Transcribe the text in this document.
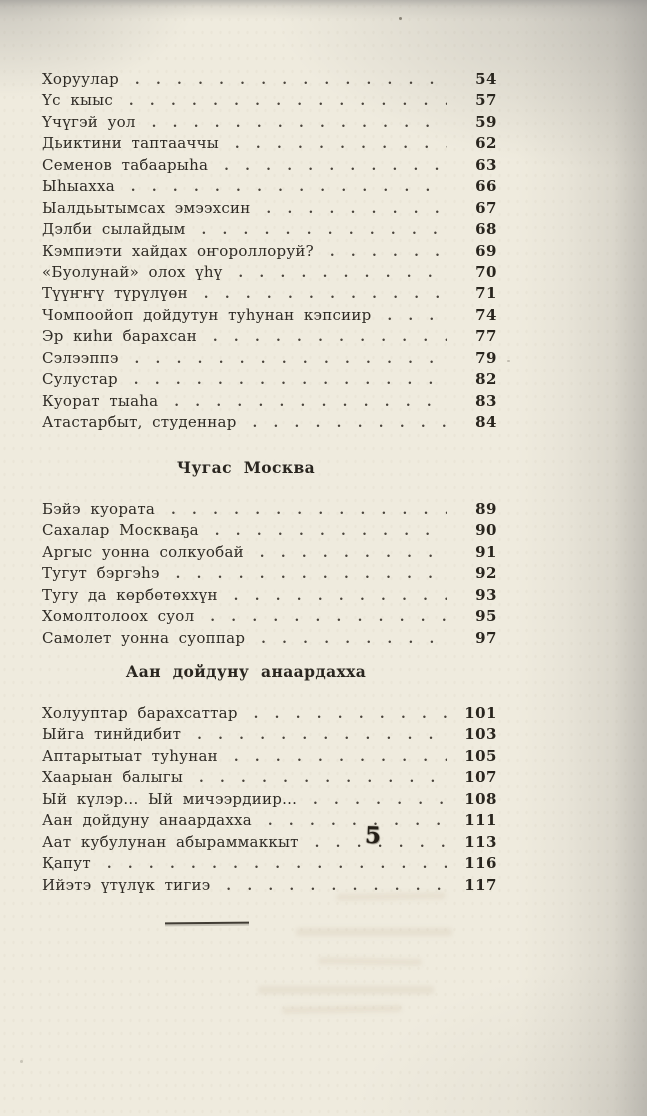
Хоруулар . . .	54
Үс кыыс . . .	57
Үчүгэй уол . . .	59
Дьиктини таптааччы . . .	62
Семенов табаарыһа . . .	63
Ыһыахха . . .	66
Ыалдьытымсах эмээхсин . . .	67
Дэлби сылайдым . . .	68
Кэмпиэти хайдах оҥороллоруй? . . .	69
«Буолунай» олох үһү . . .	70
Түүҥҥү түрүлүөн . . .	71
Чомпоойоп дойдутун туһунан кэпсиир . . .	74
Эр киһи барахсан . . .	77
Сэлээппэ . . .	79
Сулустар . . .	82
Куорат тыаһа . . .	83
Атастарбыт, студеннар . . .	84
Чугас Москва
Бэйэ куората . . .	89
Сахалар Москваҕа . . .	90
Аргыс уонна солкуобай . . .	91
Тугут бэргэһэ . . .	92
Тугу да көрбөтөххүн . . .	93
Хомолтолоох суол . . .	95
Самолет уонна суоппар . . .	97
Аан дойдуну анаардахха
Холууптар барахсаттар . . .	101
Ыйга тинйдибит . . .	103
Аптарытыат туһунан . . .	105
Хаарыан балыгы . . .	107
Ый күлэр... Ый мичээрдиир... . . .	108
Аан дойдуну анаардахха . . .	111
Аат кубулунан абыраммаккыт . . .	113
Қапут . . .	116
Ийэтэ үтүлүк тигиэ . . .	117
5
